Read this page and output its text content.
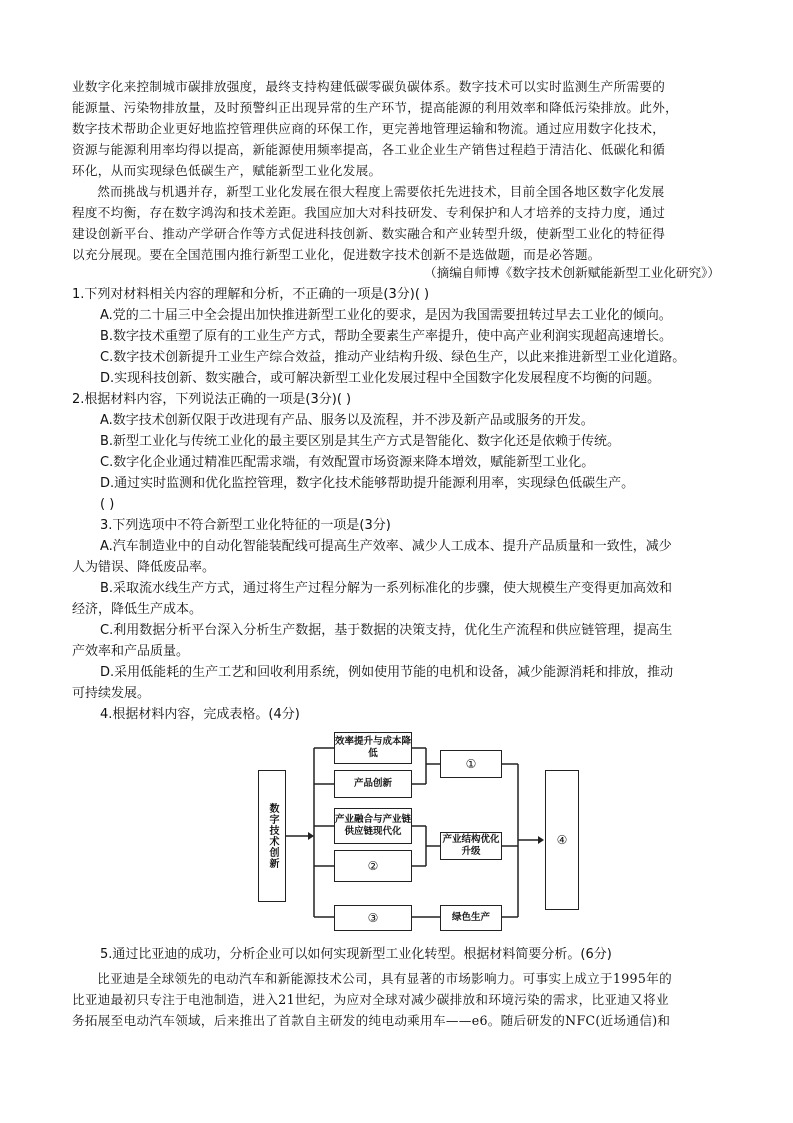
业数字化来控制城市碳排放强度，最终支持构建低碳零碳负碳体系。数字技术可以实时监测生产所需要的

能源量、污染物排放量，及时预警纠正出现异常的生产环节，提高能源的利用效率和降低污染排放。此外，

数字技术帮助企业更好地监控管理供应商的环保工作，更完善地管理运输和物流。通过应用数字化技术，

资源与能源利用率均得以提高，新能源使用频率提高，各工业企业生产销售过程趋于清洁化、低碳化和循

环化，从而实现绿色低碳生产，赋能新型工业化发展。

然而挑战与机遇并存，新型工业化发展在很大程度上需要依托先进技术，目前全国各地区数字化发展

程度不均衡，存在数字鸿沟和技术差距。我国应加大对科技研发、专利保护和人才培养的支持力度，通过

建设创新平台、推动产学研合作等方式促进科技创新、数实融合和产业转型升级，使新型工业化的特征得

以充分展现。要在全国范围内推行新型工业化，促进数字技术创新不是选做题，而是必答题。

（摘编自师博《数字技术创新赋能新型工业化研究》）

1.下列对材料相关内容的理解和分析，不正确的一项是(3分)( )

A.党的二十届三中全会提出加快推进新型工业化的要求，是因为我国需要扭转过早去工业化的倾向。

B.数字技术重塑了原有的工业生产方式，帮助全要素生产率提升，使中高产业利润实现超高速增长。

C.数字技术创新提升工业生产综合效益，推动产业结构升级、绿色生产，以此来推进新型工业化道路。

D.实现科技创新、数实融合，或可解决新型工业化发展过程中全国数字化发展程度不均衡的问题。

2.根据材料内容，下列说法正确的一项是(3分)( )

A.数字技术创新仅限于改进现有产品、服务以及流程，并不涉及新产品或服务的开发。

B.新型工业化与传统工业化的最主要区别是其生产方式是智能化、数字化还是依赖于传统。

C.数字化企业通过精准匹配需求端，有效配置市场资源来降本增效，赋能新型工业化。

D.通过实时监测和优化监控管理，数字化技术能够帮助提升能源利用率，实现绿色低碳生产。

( )

3.下列选项中不符合新型工业化特征的一项是(3分)

A.汽车制造业中的自动化智能装配线可提高生产效率、减少人工成本、提升产品质量和一致性，减少

人为错误、降低废品率。

B.采取流水线生产方式，通过将生产过程分解为一系列标准化的步骤，使大规模生产变得更加高效和

经济，降低生产成本。

C.利用数据分析平台深入分析生产数据，基于数据的决策支持，优化生产流程和供应链管理，提高生

产效率和产品质量。

D.采用低能耗的生产工艺和回收利用系统，例如使用节能的电机和设备，减少能源消耗和排放，推动

可持续发展。

4.根据材料内容，完成表格。(4分)

数字技术创新
效率提升与成本降低
产品创新
产业融合与产业链供应链现代化
②
③
①
产业结构优化升级
绿色生产
④

5.通过比亚迪的成功，分析企业可以如何实现新型工业化转型。根据材料简要分析。(6分)

比亚迪是全球领先的电动汽车和新能源技术公司，具有显著的市场影响力。可事实上成立于1995年的

比亚迪最初只专注于电池制造，进入21世纪，为应对全球对减少碳排放和环境污染的需求，比亚迪又将业

务拓展至电动汽车领域，后来推出了首款自主研发的纯电动乘用车——e6。随后研发的NFC(近场通信)和
